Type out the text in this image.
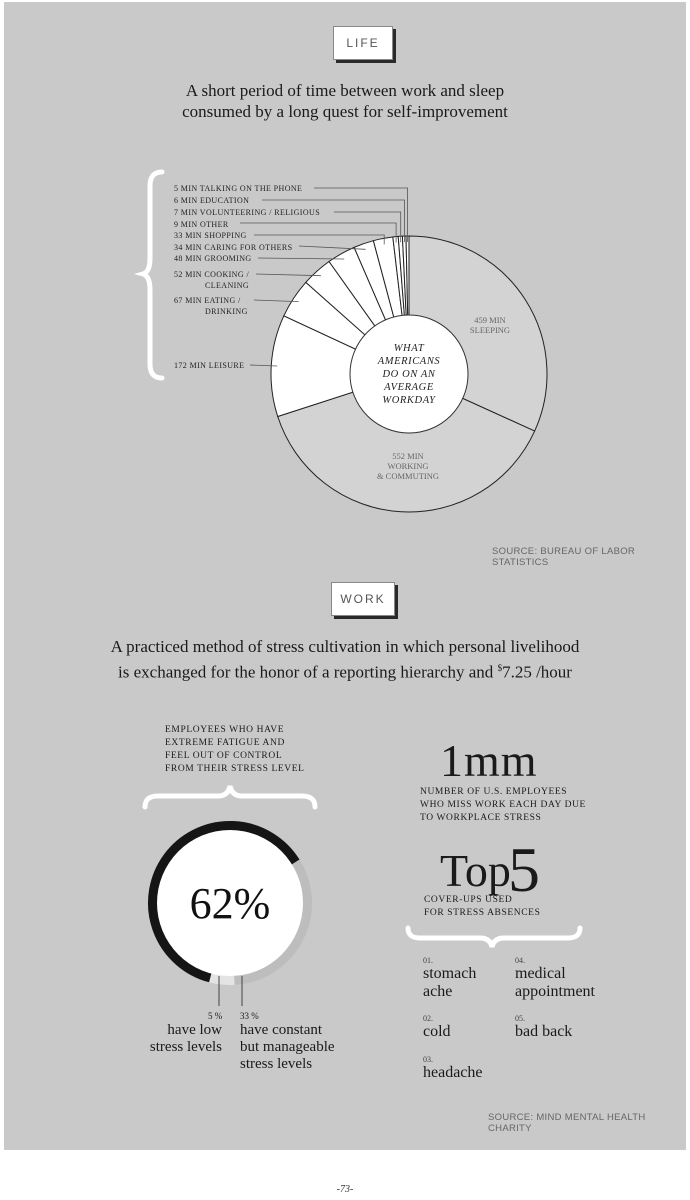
LIFE
A short period of time between work and sleep
consumed by a long quest for self-improvement
WHAT
AMERICANS
DO ON AN
AVERAGE
WORKDAY
459 MIN
SLEEPING
552 MIN
WORKING
& COMMUTING
5 MIN TALKING ON THE PHONE
6 MIN EDUCATION
7 MIN VOLUNTEERING / RELIGIOUS
9 MIN OTHER
33 MIN SHOPPING
34 MIN CARING FOR OTHERS
48 MIN GROOMING
52 MIN COOKING /
CLEANING
67 MIN EATING /
DRINKING
172 MIN LEISURE
SOURCE: BUREAU OF LABOR STATISTICS
WORK
A practiced method of stress cultivation in which personal livelihood
is exchanged for the honor of a reporting hierarchy and $7.25 /hour
EMPLOYEES WHO HAVE
EXTREME FATIGUE AND
FEEL OUT OF CONTROL
FROM THEIR STRESS LEVEL
62%
5 % 33 %
have low
stress levels
have constant
but manageable
stress levels
1mm
NUMBER OF U.S. EMPLOYEES
WHO MISS WORK EACH DAY DUE
TO WORKPLACE STRESS
Top
5
COVER-UPS USED
FOR STRESS ABSENCES
01.
stomach
ache
02.
cold
03.
headache
04.
medical
appointment
05.
bad back
SOURCE: MIND MENTAL HEALTH CHARITY
-73-
